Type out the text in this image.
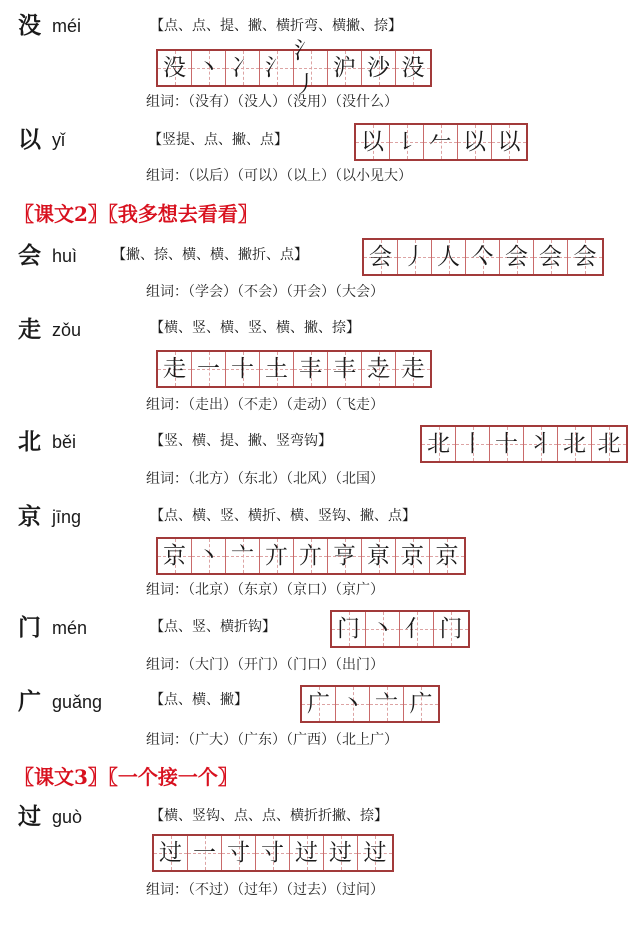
没 méi	【点、点、提、撇、横折弯、横撇、捺】
没 丶 冫 氵
氵丿
沪 沙 没
组词：（没有）（没人）（没用）（没什么）
以 yǐ	【竖提、点、撇、点】	以 ㇙ 𠂉 以 以
组词：（以后）（可以）（以上）（以小见大）
〖课文2〗〖我多想去看看〗
会 huì 【撇、捺、横、横、撇折、点】	会 丿 人 亽 会 会 会
组词：（学会）（不会）（开会）（大会）
走 zǒu	【横、竖、横、竖、横、撇、捺】
走 一 十 土 丰 丰 赱 走
组词：（走出）（不走）（走动）（飞走）
北 běi	【竖、横、提、撇、竖弯钩】	北 丨 十 丬 北 北
组词：（北方）（东北）（北风）（北国）
京 jīng	【点、横、竖、横折、横、竖钩、撇、点】
京 丶 亠 亣 亣 亨 亰 京 京
组词：（北京）（东京）（京口）（京广）
门 mén	【点、竖、横折钩】	门 丶 亻 门
组词：（大门）（开门）（门口）（出门）
广 guǎng	【点、横、撇】	广 丶 亠 广
组词：（广大）（广东）（广西）（北上广）
〖课文3〗〖一个接一个〗
过 guò	【横、竖钩、点、点、横折折撇、捺】
过 一 寸 寸 过 过 过
组词：（不过）（过年）（过去）（过问）
